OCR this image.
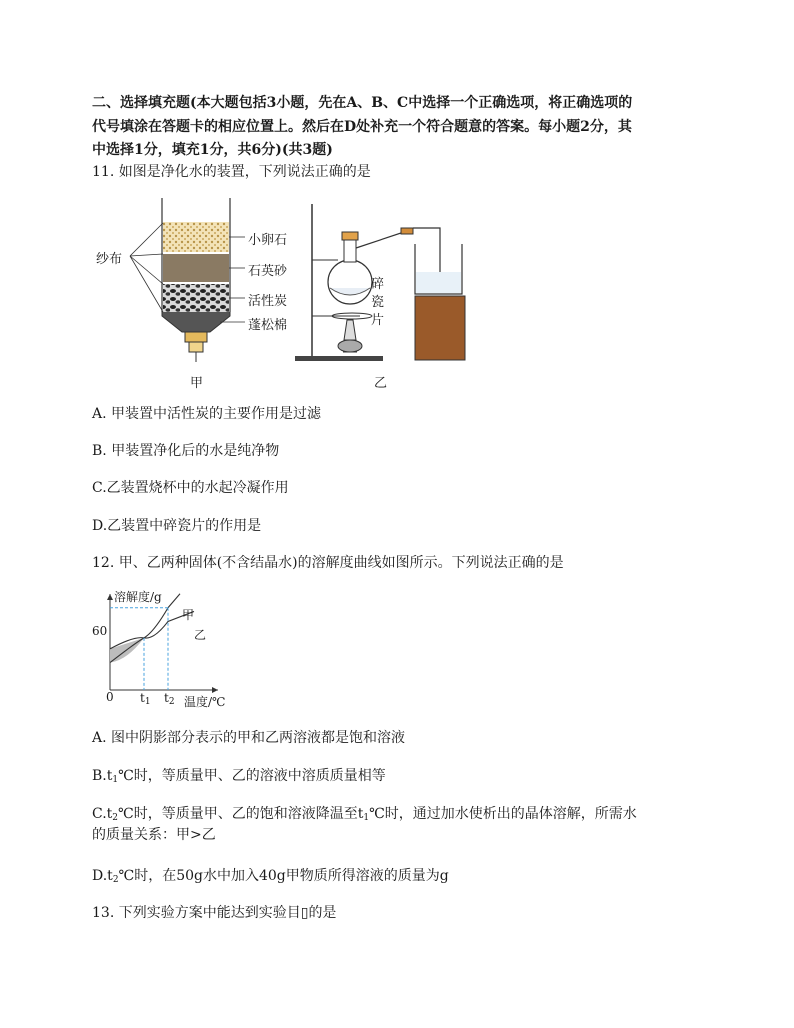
二、选择填充题(本大题包括3小题，先在A、B、C中选择一个正确选项，将正确选项的
代号填涂在答题卡的相应位置上。然后在D处补充一个符合题意的答案。每小题2分，其
中选择1分，填充1分，共6分)(共3题)
11. 如图是净化水的装置，下列说法正确的是
纱布
小卵石
石英砂
活性炭
蓬松棉
甲	乙
碎
瓷
片
A. 甲装置中活性炭的主要作用是过滤
B. 甲装置净化后的水是纯净物
C.乙装置烧杯中的水起冷凝作用
D.乙装置中碎瓷片的作用是
12. 甲、乙两种固体(不含结晶水)的溶解度曲线如图所示。下列说法正确的是
溶解度/g
温度/℃
60
0 $t_1$ $t_2$
甲
乙
A. 图中阴影部分表示的甲和乙两溶液都是饱和溶液
$B.t_1℃$时，等质量甲、乙的溶液中溶质质量相等
$C.t_2℃$时，等质量甲、乙的饱和溶液降温至$t_1℃$时，通过加水使析出的晶体溶解，所需水
的质量关系：甲>乙
$D.t_2℃$时，在50g水中加入40g甲物质所得溶液的质量为g
13. 下列实验方案中能达到实验目▯的是
